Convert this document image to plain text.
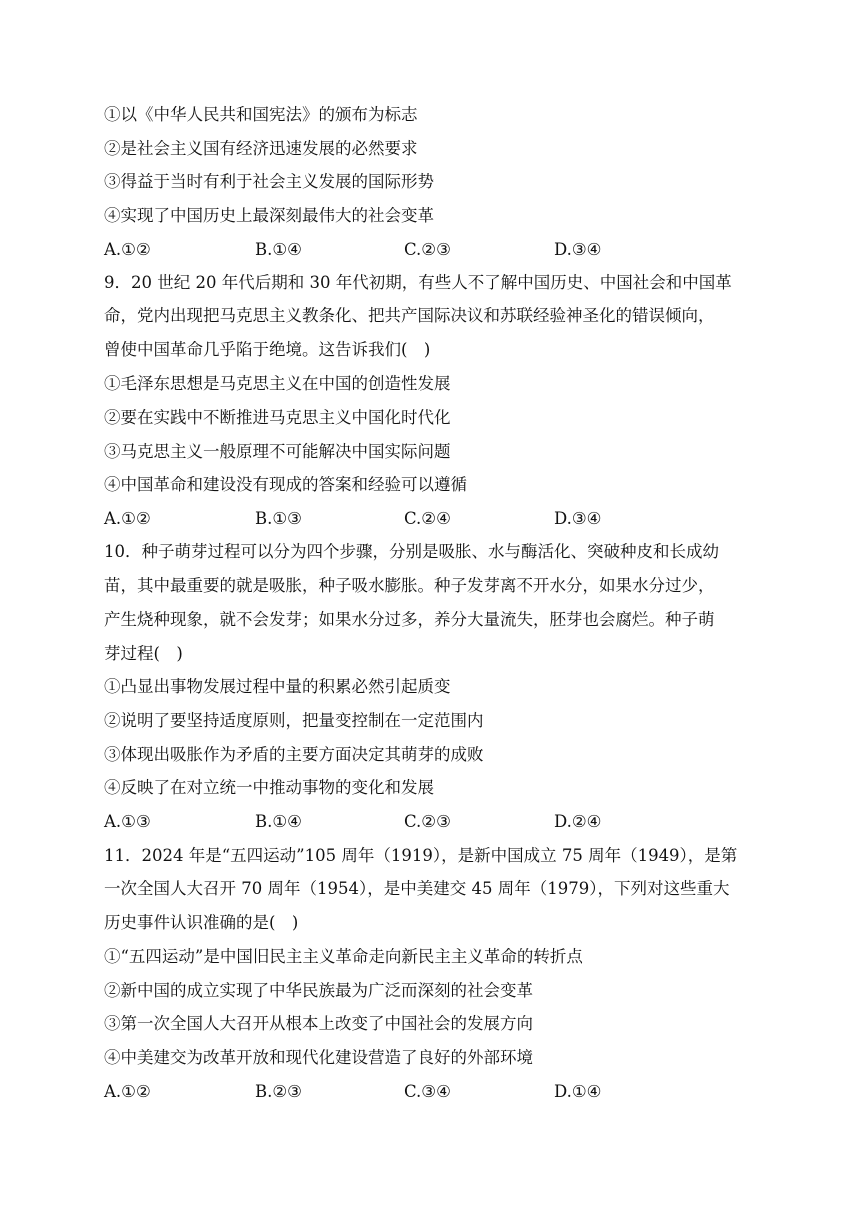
①以《中华人民共和国宪法》的颁布为标志
②是社会主义国有经济迅速发展的必然要求
③得益于当时有利于社会主义发展的国际形势
④实现了中国历史上最深刻最伟大的社会变革
A.①②	B.①④	C.②③	D.③④
9．20 世纪 20 年代后期和 30 年代初期，有些人不了解中国历史、中国社会和中国革
命，党内出现把马克思主义教条化、把共产国际决议和苏联经验神圣化的错误倾向，
曾使中国革命几乎陷于绝境。这告诉我们(　)
①毛泽东思想是马克思主义在中国的创造性发展
②要在实践中不断推进马克思主义中国化时代化
③马克思主义一般原理不可能解决中国实际问题
④中国革命和建设没有现成的答案和经验可以遵循
A.①②	B.①③	C.②④	D.③④
10．种子萌芽过程可以分为四个步骤，分别是吸胀、水与酶活化、突破种皮和长成幼
苗，其中最重要的就是吸胀，种子吸水膨胀。种子发芽离不开水分，如果水分过少，
产生烧种现象，就不会发芽；如果水分过多，养分大量流失，胚芽也会腐烂。种子萌
芽过程(　)
①凸显出事物发展过程中量的积累必然引起质变
②说明了要坚持适度原则，把量变控制在一定范围内
③体现出吸胀作为矛盾的主要方面决定其萌芽的成败
④反映了在对立统一中推动事物的变化和发展
A.①③	B.①④	C.②③	D.②④
11．2024 年是“五四运动”105 周年（1919），是新中国成立 75 周年（1949），是第
一次全国人大召开 70 周年（1954），是中美建交 45 周年（1979），下列对这些重大
历史事件认识准确的是(　)
①“五四运动”是中国旧民主主义革命走向新民主主义革命的转折点
②新中国的成立实现了中华民族最为广泛而深刻的社会变革
③第一次全国人大召开从根本上改变了中国社会的发展方向
④中美建交为改革开放和现代化建设营造了良好的外部环境
A.①②	B.②③	C.③④	D.①④
